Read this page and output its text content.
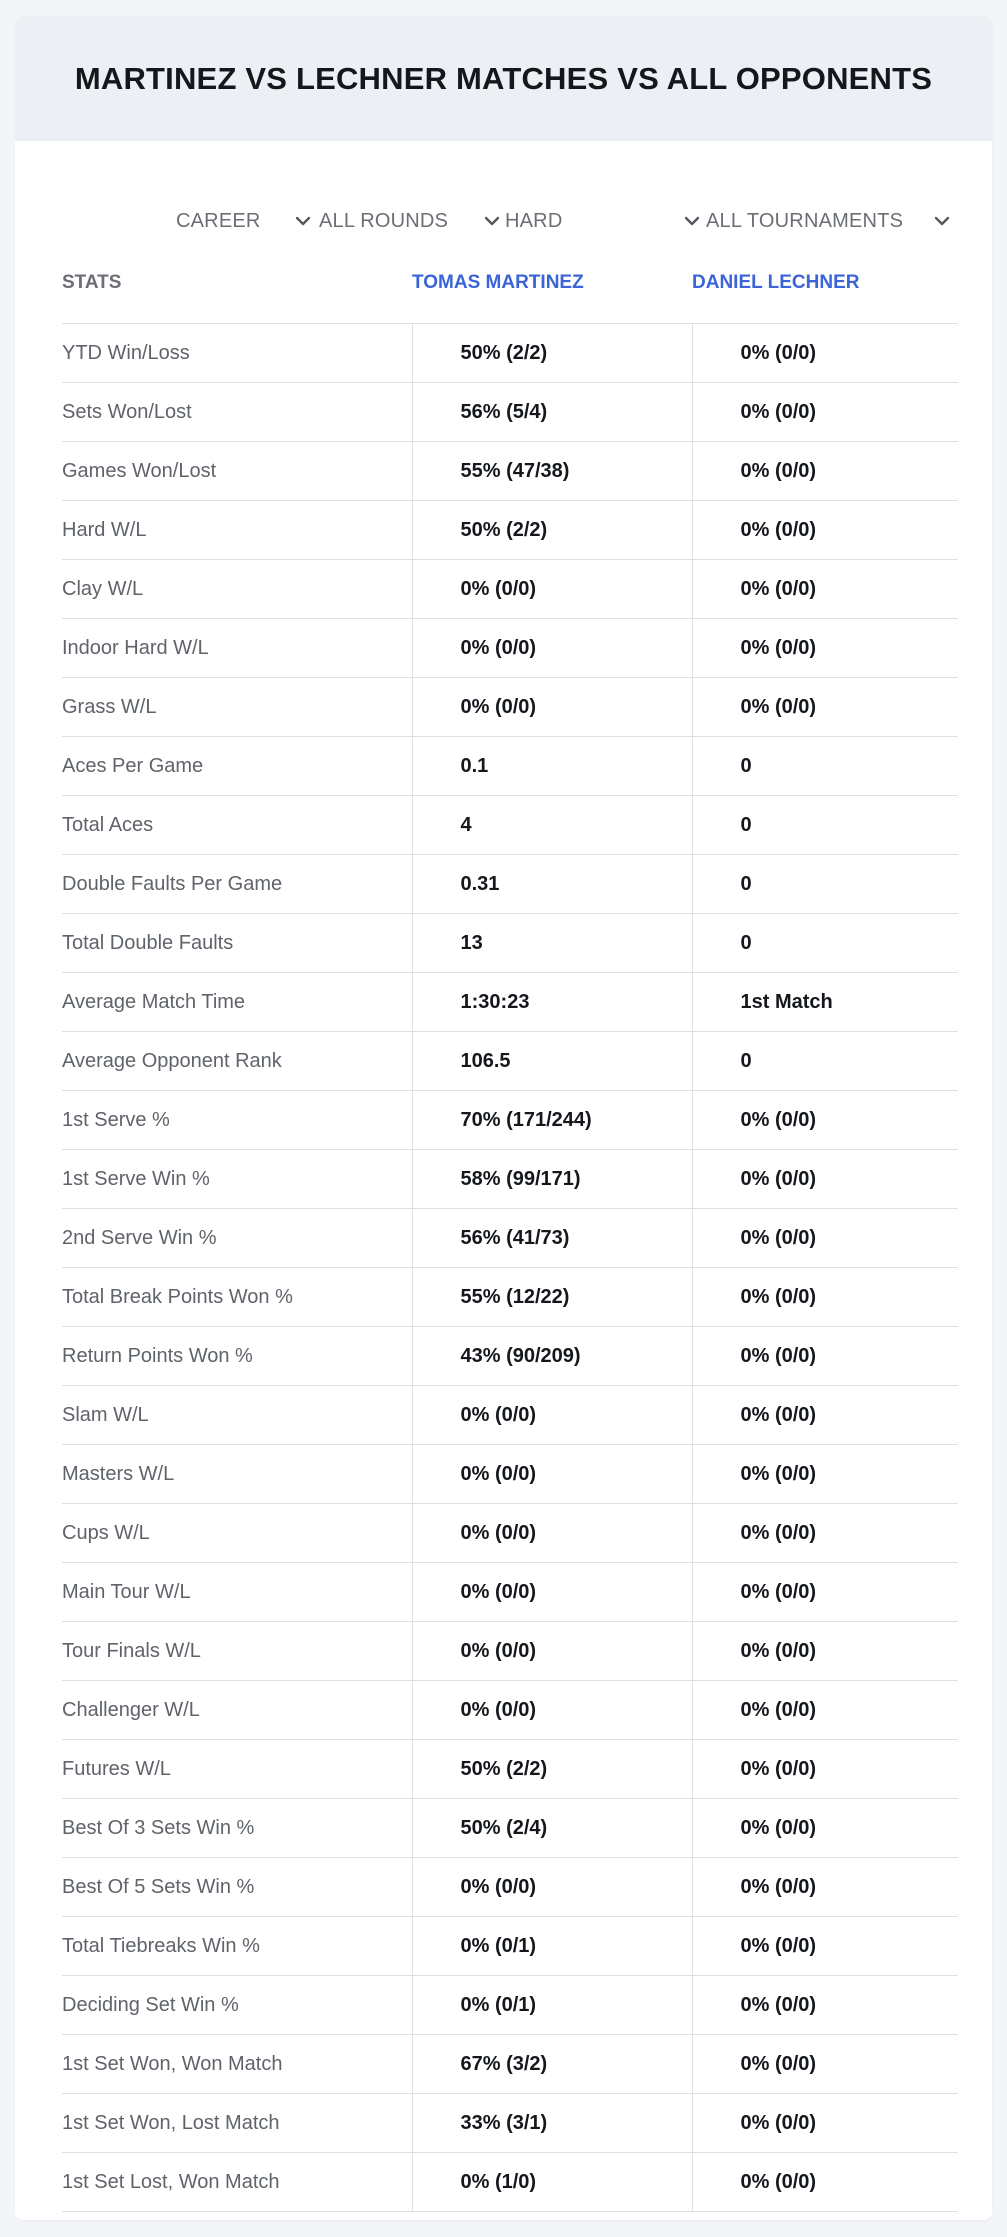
MARTINEZ VS LECHNER MATCHES VS ALL OPPONENTS
CAREER	ALL ROUNDS	HARD	ALL TOURNAMENTS
STATS	TOMAS MARTINEZ	DANIEL LECHNER
YTD Win/Loss	50% (2/2)	0% (0/0)
Sets Won/Lost	56% (5/4)	0% (0/0)
Games Won/Lost	55% (47/38)	0% (0/0)
Hard W/L	50% (2/2)	0% (0/0)
Clay W/L	0% (0/0)	0% (0/0)
Indoor Hard W/L	0% (0/0)	0% (0/0)
Grass W/L	0% (0/0)	0% (0/0)
Aces Per Game	0.1	0
Total Aces	4	0
Double Faults Per Game	0.31	0
Total Double Faults	13	0
Average Match Time	1:30:23	1st Match
Average Opponent Rank	106.5	0
1st Serve %	70% (171/244)	0% (0/0)
1st Serve Win %	58% (99/171)	0% (0/0)
2nd Serve Win %	56% (41/73)	0% (0/0)
Total Break Points Won %	55% (12/22)	0% (0/0)
Return Points Won %	43% (90/209)	0% (0/0)
Slam W/L	0% (0/0)	0% (0/0)
Masters W/L	0% (0/0)	0% (0/0)
Cups W/L	0% (0/0)	0% (0/0)
Main Tour W/L	0% (0/0)	0% (0/0)
Tour Finals W/L	0% (0/0)	0% (0/0)
Challenger W/L	0% (0/0)	0% (0/0)
Futures W/L	50% (2/2)	0% (0/0)
Best Of 3 Sets Win %	50% (2/4)	0% (0/0)
Best Of 5 Sets Win %	0% (0/0)	0% (0/0)
Total Tiebreaks Win %	0% (0/1)	0% (0/0)
Deciding Set Win %	0% (0/1)	0% (0/0)
1st Set Won, Won Match	67% (3/2)	0% (0/0)
1st Set Won, Lost Match	33% (3/1)	0% (0/0)
1st Set Lost, Won Match	0% (1/0)	0% (0/0)
